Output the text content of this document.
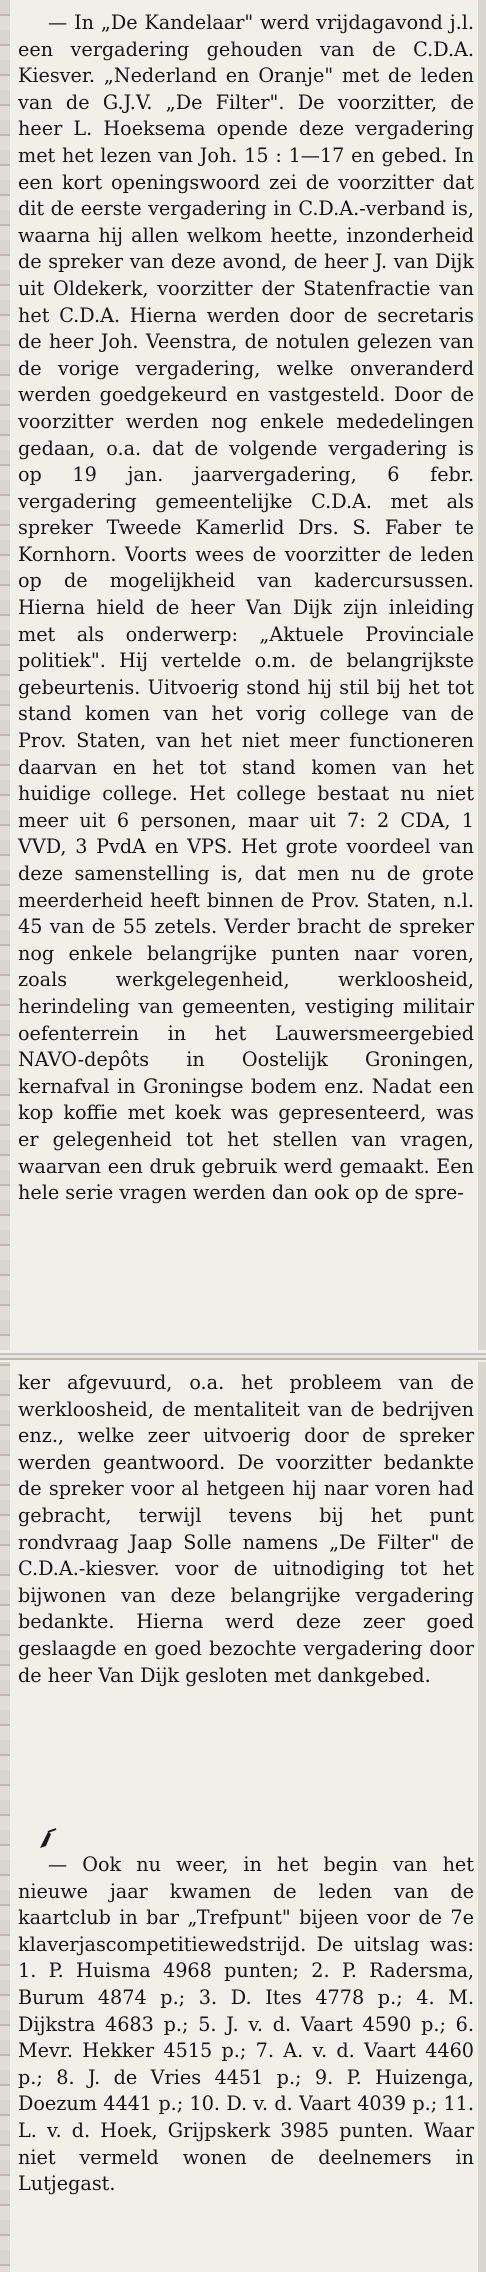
— In „De Kandelaar" werd vrijdagavond j.l. een vergadering gehouden van de C.D.A. Kiesver. „Nederland en Oranje" met de leden van de G.J.V. „De Filter". De voorzitter, de heer L. Hoeksema opende deze vergadering met het lezen van Joh. 15 : 1—17 en gebed. In een kort openingswoord zei de voorzitter dat dit de eerste vergadering in C.D.A.-verband is, waarna hij allen welkom heette, inzonderheid de spreker van deze avond, de heer J. van Dijk uit Oldekerk, voorzitter der Statenfractie van het C.D.A. Hierna werden door de secretaris de heer Joh. Veenstra, de notulen gelezen van de vorige vergadering, welke onveranderd werden goedgekeurd en vastgesteld. Door de voorzitter werden nog enkele mededelingen gedaan, o.a. dat de volgende vergadering is op 19 jan. jaarvergadering, 6 febr. vergadering gemeentelijke C.D.A. met als spreker Tweede Kamerlid Drs. S. Faber te Kornhorn. Voorts wees de voorzitter de leden op de mogelijkheid van kadercursussen. Hierna hield de heer Van Dijk zijn inleiding met als onderwerp: „Aktuele Provinciale politiek". Hij vertelde o.m. de belangrijkste gebeurtenis. Uitvoerig stond hij stil bij het tot stand komen van het vorig college van de Prov. Staten, van het niet meer functioneren daarvan en het tot stand komen van het huidige college. Het college bestaat nu niet meer uit 6 personen, maar uit 7: 2 CDA, 1 VVD, 3 PvdA en VPS. Het grote voordeel van deze samenstelling is, dat men nu de grote meerderheid heeft binnen de Prov. Staten, n.l. 45 van de 55 zetels. Verder bracht de spreker nog enkele belangrijke punten naar voren, zoals werkgelegenheid, werkloosheid, herindeling van gemeenten, vestiging militair oefenterrein in het Lauwersmeergebied NAVO-depôts in Oostelijk Groningen, kernafval in Groningse bodem enz. Nadat een kop koffie met koek was gepresenteerd, was er gelegenheid tot het stellen van vragen, waarvan een druk gebruik werd gemaakt. Een hele serie vragen werden dan ook op de spre-

ker afgevuurd, o.a. het probleem van de werkloosheid, de mentaliteit van de bedrijven enz., welke zeer uitvoerig door de spreker werden geantwoord. De voorzitter bedankte de spreker voor al hetgeen hij naar voren had gebracht, terwijl tevens bij het punt rondvraag Jaap Solle namens „De Filter" de C.D.A.-kiesver. voor de uitnodiging tot het bijwonen van deze belangrijke vergadering bedankte. Hierna werd deze zeer goed geslaagde en goed bezochte vergadering door de heer Van Dijk gesloten met dankgebed.

— Ook nu weer, in het begin van het nieuwe jaar kwamen de leden van de kaartclub in bar „Trefpunt" bijeen voor de 7e klaverjascompetitiewedstrijd. De uitslag was: 1. P. Huisma 4968 punten; 2. P. Radersma, Burum 4874 p.; 3. D. Ites 4778 p.; 4. M. Dijkstra 4683 p.; 5. J. v. d. Vaart 4590 p.; 6. Mevr. Hekker 4515 p.; 7. A. v. d. Vaart 4460 p.; 8. J. de Vries 4451 p.; 9. P. Huizenga, Doezum 4441 p.; 10. D. v. d. Vaart 4039 p.; 11. L. v. d. Hoek, Grijpskerk 3985 punten. Waar niet vermeld wonen de deelnemers in Lutjegast.
